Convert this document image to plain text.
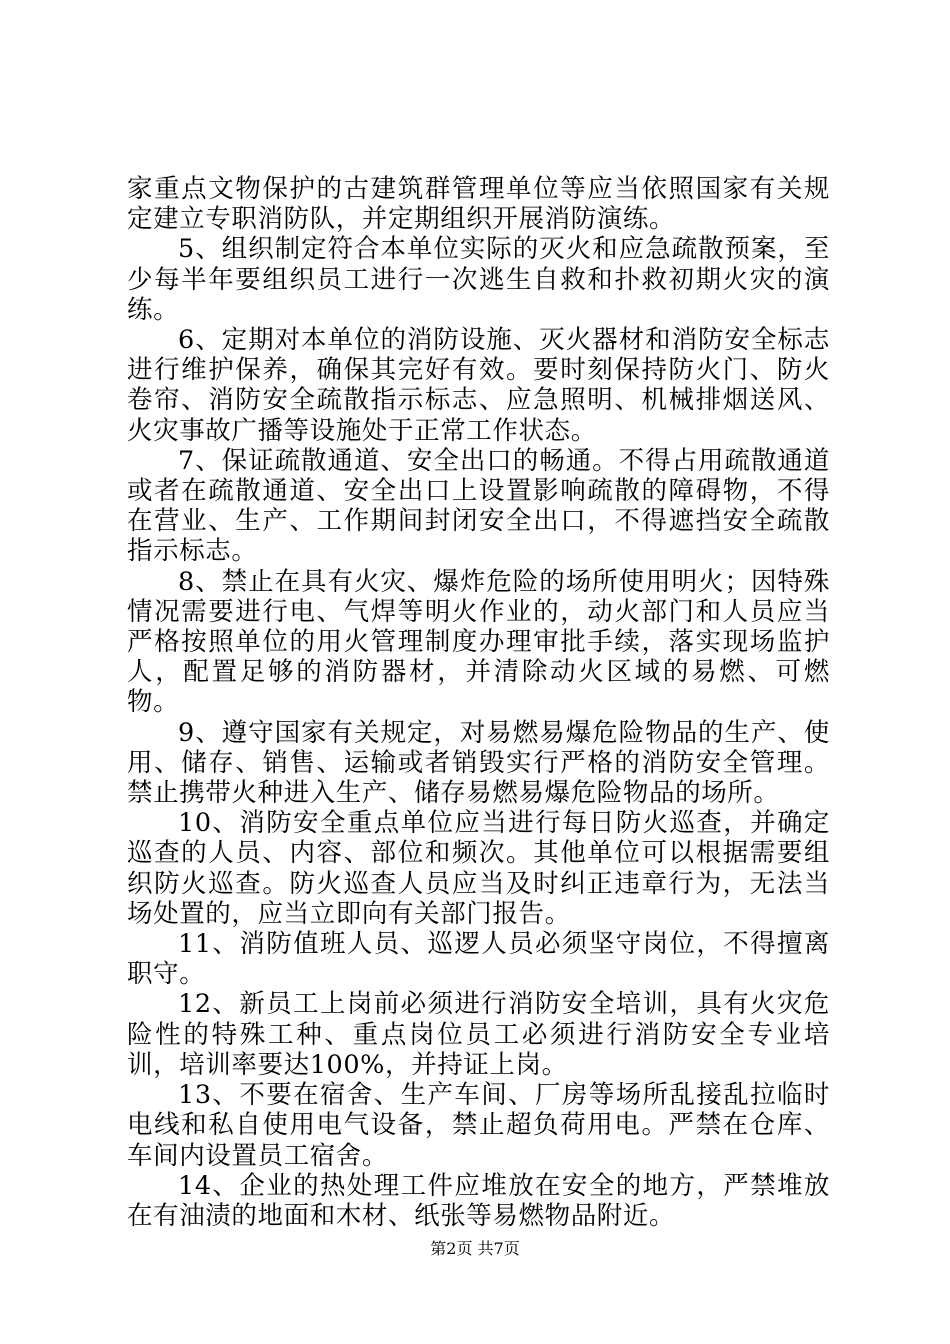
家重点文物保护的古建筑群管理单位等应当依照国家有关规定建立专职消防队，并定期组织开展消防演练。

5、组织制定符合本单位实际的灭火和应急疏散预案，至少每半年要组织员工进行一次逃生自救和扑救初期火灾的演练。

6、定期对本单位的消防设施、灭火器材和消防安全标志进行维护保养，确保其完好有效。要时刻保持防火门、防火卷帘、消防安全疏散指示标志、应急照明、机械排烟送风、火灾事故广播等设施处于正常工作状态。

7、保证疏散通道、安全出口的畅通。不得占用疏散通道或者在疏散通道、安全出口上设置影响疏散的障碍物，不得在营业、生产、工作期间封闭安全出口，不得遮挡安全疏散指示标志。

8、禁止在具有火灾、爆炸危险的场所使用明火；因特殊情况需要进行电、气焊等明火作业的，动火部门和人员应当严格按照单位的用火管理制度办理审批手续，落实现场监护人，配置足够的消防器材，并清除动火区域的易燃、可燃物。

9、遵守国家有关规定，对易燃易爆危险物品的生产、使用、储存、销售、运输或者销毁实行严格的消防安全管理。禁止携带火种进入生产、储存易燃易爆危险物品的场所。

10、消防安全重点单位应当进行每日防火巡查，并确定巡查的人员、内容、部位和频次。其他单位可以根据需要组织防火巡查。防火巡查人员应当及时纠正违章行为，无法当场处置的，应当立即向有关部门报告。

11、消防值班人员、巡逻人员必须坚守岗位，不得擅离职守。

12、新员工上岗前必须进行消防安全培训，具有火灾危险性的特殊工种、重点岗位员工必须进行消防安全专业培训，培训率要达100%，并持证上岗。

13、不要在宿舍、生产车间、厂房等场所乱接乱拉临时电线和私自使用电气设备，禁止超负荷用电。严禁在仓库、车间内设置员工宿舍。

14、企业的热处理工件应堆放在安全的地方，严禁堆放在有油渍的地面和木材、纸张等易燃物品附近。

第2页 共7页
